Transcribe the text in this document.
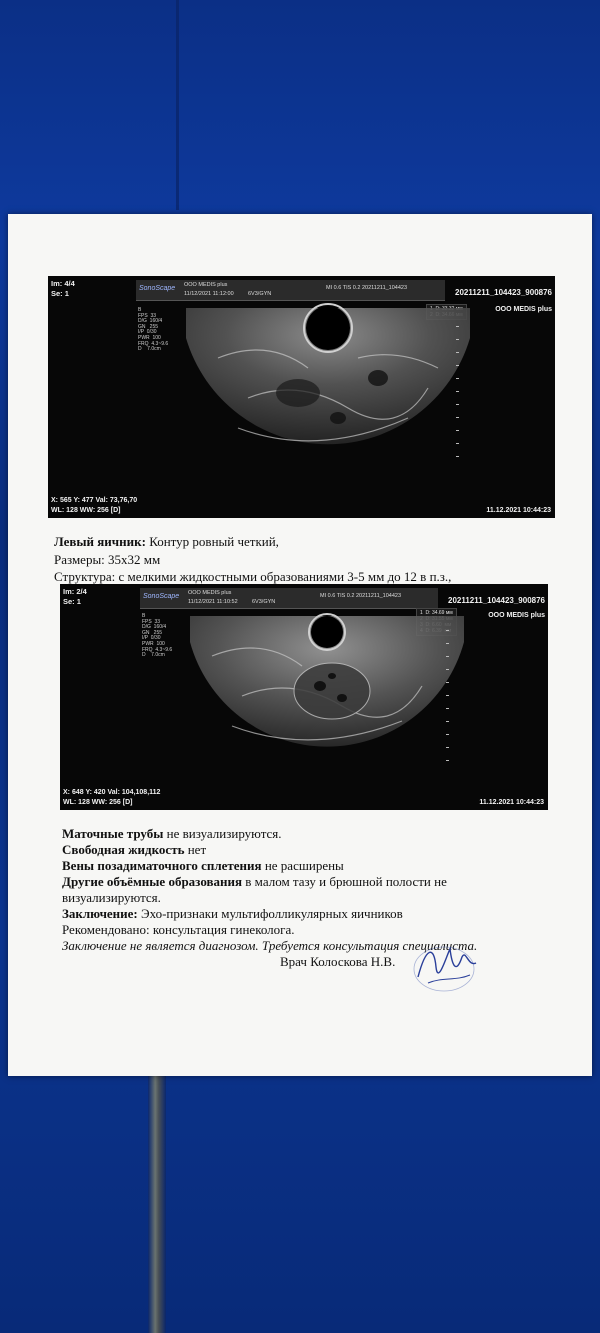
Im: 4/4
Se: 1
SonoScape ООО MEDIS plus
11/12/2021 11:12:00	6V3/GYN
MI 0.6 TIS 0.2 20211211_104423	20211211_104423_900876
ООО MEDIS plus
B
FPS  33
D/G  160/4
GN   255
I/P  0/30
PWR  100
FRQ  4.3~9.6
D    7.0cm
X: 565 Y: 477 Val: 73,76,70
WL: 128 WW: 256 [D]	11.12.2021 10:44:23
Левый яичник: Контур ровный четкий,
Размеры: 35x32 мм
Структура: с мелкими жидкостными образованиями 3-5 мм до 12 в п.з.,
Im: 2/4
Se: 1
SonoScape ООО MEDIS plus
11/12/2021 11:10:52	6V3/GYN
MI 0.6 TIS 0.2 20211211_104423	20211211_104423_900876
ООО MEDIS plus
B
FPS  33
D/G  160/4
GN   255
I/P  0/30
PWR  100
FRQ  4.3~9.6
D    7.0cm
1  D: 34.69 мм

X: 648 Y: 420 Val: 104,108,112
WL: 128 WW: 256 [D]	11.12.2021 10:44:23
Маточные трубы не визуализируются.
Свободная жидкость нет
Вены позадиматочного сплетения не расширены
Другие объёмные образования в малом тазу и брюшной полости не
визуализируются.
Заключение: Эхо-признаки мультифолликулярных яичников
Рекомендовано: консультация гинеколога.
Заключение не является диагнозом. Требуется консультация специалиста.
Врач Колоскова Н.В.
